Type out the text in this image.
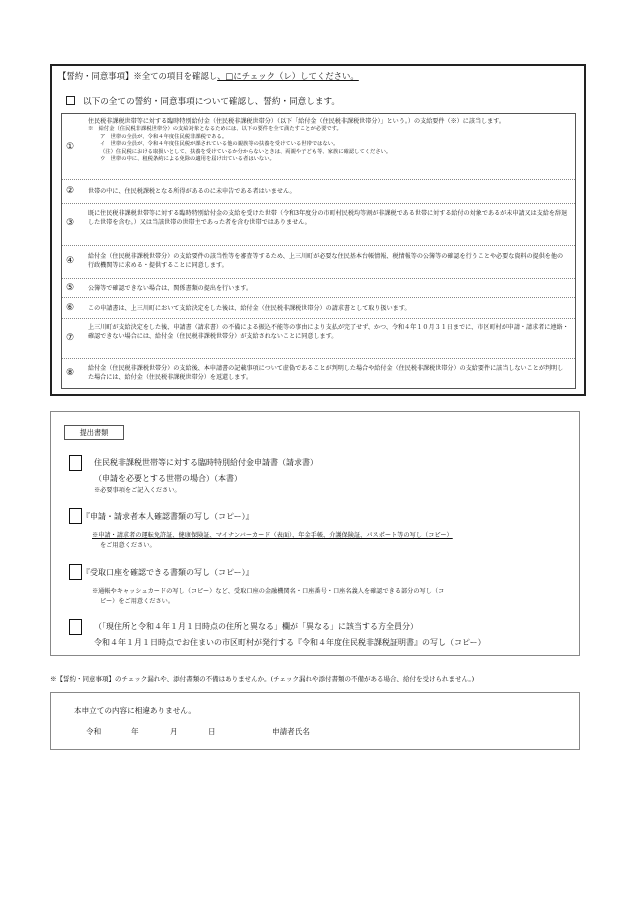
【誓約・同意事項】※全ての項目を確認し、□にチェック（レ）してください。
以下の全ての誓約・同意事項について確認し、誓約・同意します。
①
住民税非課税世帯等に対する臨時特別給付金（住民税非課税世帯分）（以下「給付金（住民税非課税世帯分）」という。）の支給要件（※）に該当します。
※　給付金（住民税非課税世帯分）の支給対象となるためには、以下の要件を全て満たすことが必要です。
ア　世帯の全員が、令和４年度住民税非課税である。
イ　世帯の全員が、令和４年度住民税が課されている他の親族等の扶養を受けている世帯ではない。
（注）住民税における取扱いとして、扶養を受けているか分からないときは、両親や子ども等、家族に確認してください。
ウ　世帯の中に、租税条約による免除の適用を届け出ている者はいない。
② 世帯の中に、住民税課税となる所得があるのに未申告である者はいません。
③
既に住民税非課税世帯等に対する臨時特別給付金の支給を受けた世帯（令和3年度分の市町村民税均等割が非課税である世帯に対する給付の対象であるが未申請又は支給を辞退した世帯を含む。）又は当該世帯の世帯主であった者を含む世帯ではありません。
④ 給付金（住民税非課税世帯分）の支給要件の該当性等を審査等するため、上三川町が必要な住民基本台帳情報、税情報等の公簿等の確認を行うことや必要な資料の提供を他の行政機関等に求める・提供することに同意します。
⑤ 公簿等で確認できない場合は、関係書類の提出を行います。
⑥ この申請書は、上三川町において支給決定をした後は、給付金（住民税非課税世帯分）の請求書として取り扱います。
⑦
上三川町が支給決定をした後、申請書（請求書）の不備による振込不能等の事由により支払が完了せず、かつ、令和４年１０月３１日までに、市区町村が申請・請求者に連絡・確認できない場合には、給付金（住民税非課税世帯分）が支給されないことに同意します。
⑧ 給付金（住民税非課税世帯分）の支給後、本申請書の記載事項について虚偽であることが判明した場合や給付金（住民税非課税世帯分）の支給要件に該当しないことが判明した場合には、給付金（住民税非課税世帯分）を返還します。
提出書類
住民税非課税世帯等に対する臨時特別給付金申請書（請求書）
（申請を必要とする世帯の場合）（本書）
※必要事項をご記入ください。
『申請・請求者本人確認書類の写し（コピー）』
※申請・請求者の運転免許証、健康保険証、マイナンバーカード（表面）、年金手帳、介護保険証、パスポート等の写し（コピー）
をご用意ください。
『受取口座を確認できる書類の写し（コピー）』
※通帳やキャッシュカードの写し（コピー）など、受取口座の金融機関名・口座番号・口座名義人を確認できる部分の写し（コ
ピー）をご用意ください。
（「現住所と令和４年１月１日時点の住所と異なる」欄が「異なる」に該当する方全員分）
令和４年１月１日時点でお住まいの市区町村が発行する『令和４年度住民税非課税証明書』の写し（コピー）
※【誓約・同意事項】のチェック漏れや、添付書類の不備はありませんか。(チェック漏れや添付書類の不備がある場合、給付を受けられません。)
本申立ての内容に相違ありません。
令和	年	月	日	申請者氏名
